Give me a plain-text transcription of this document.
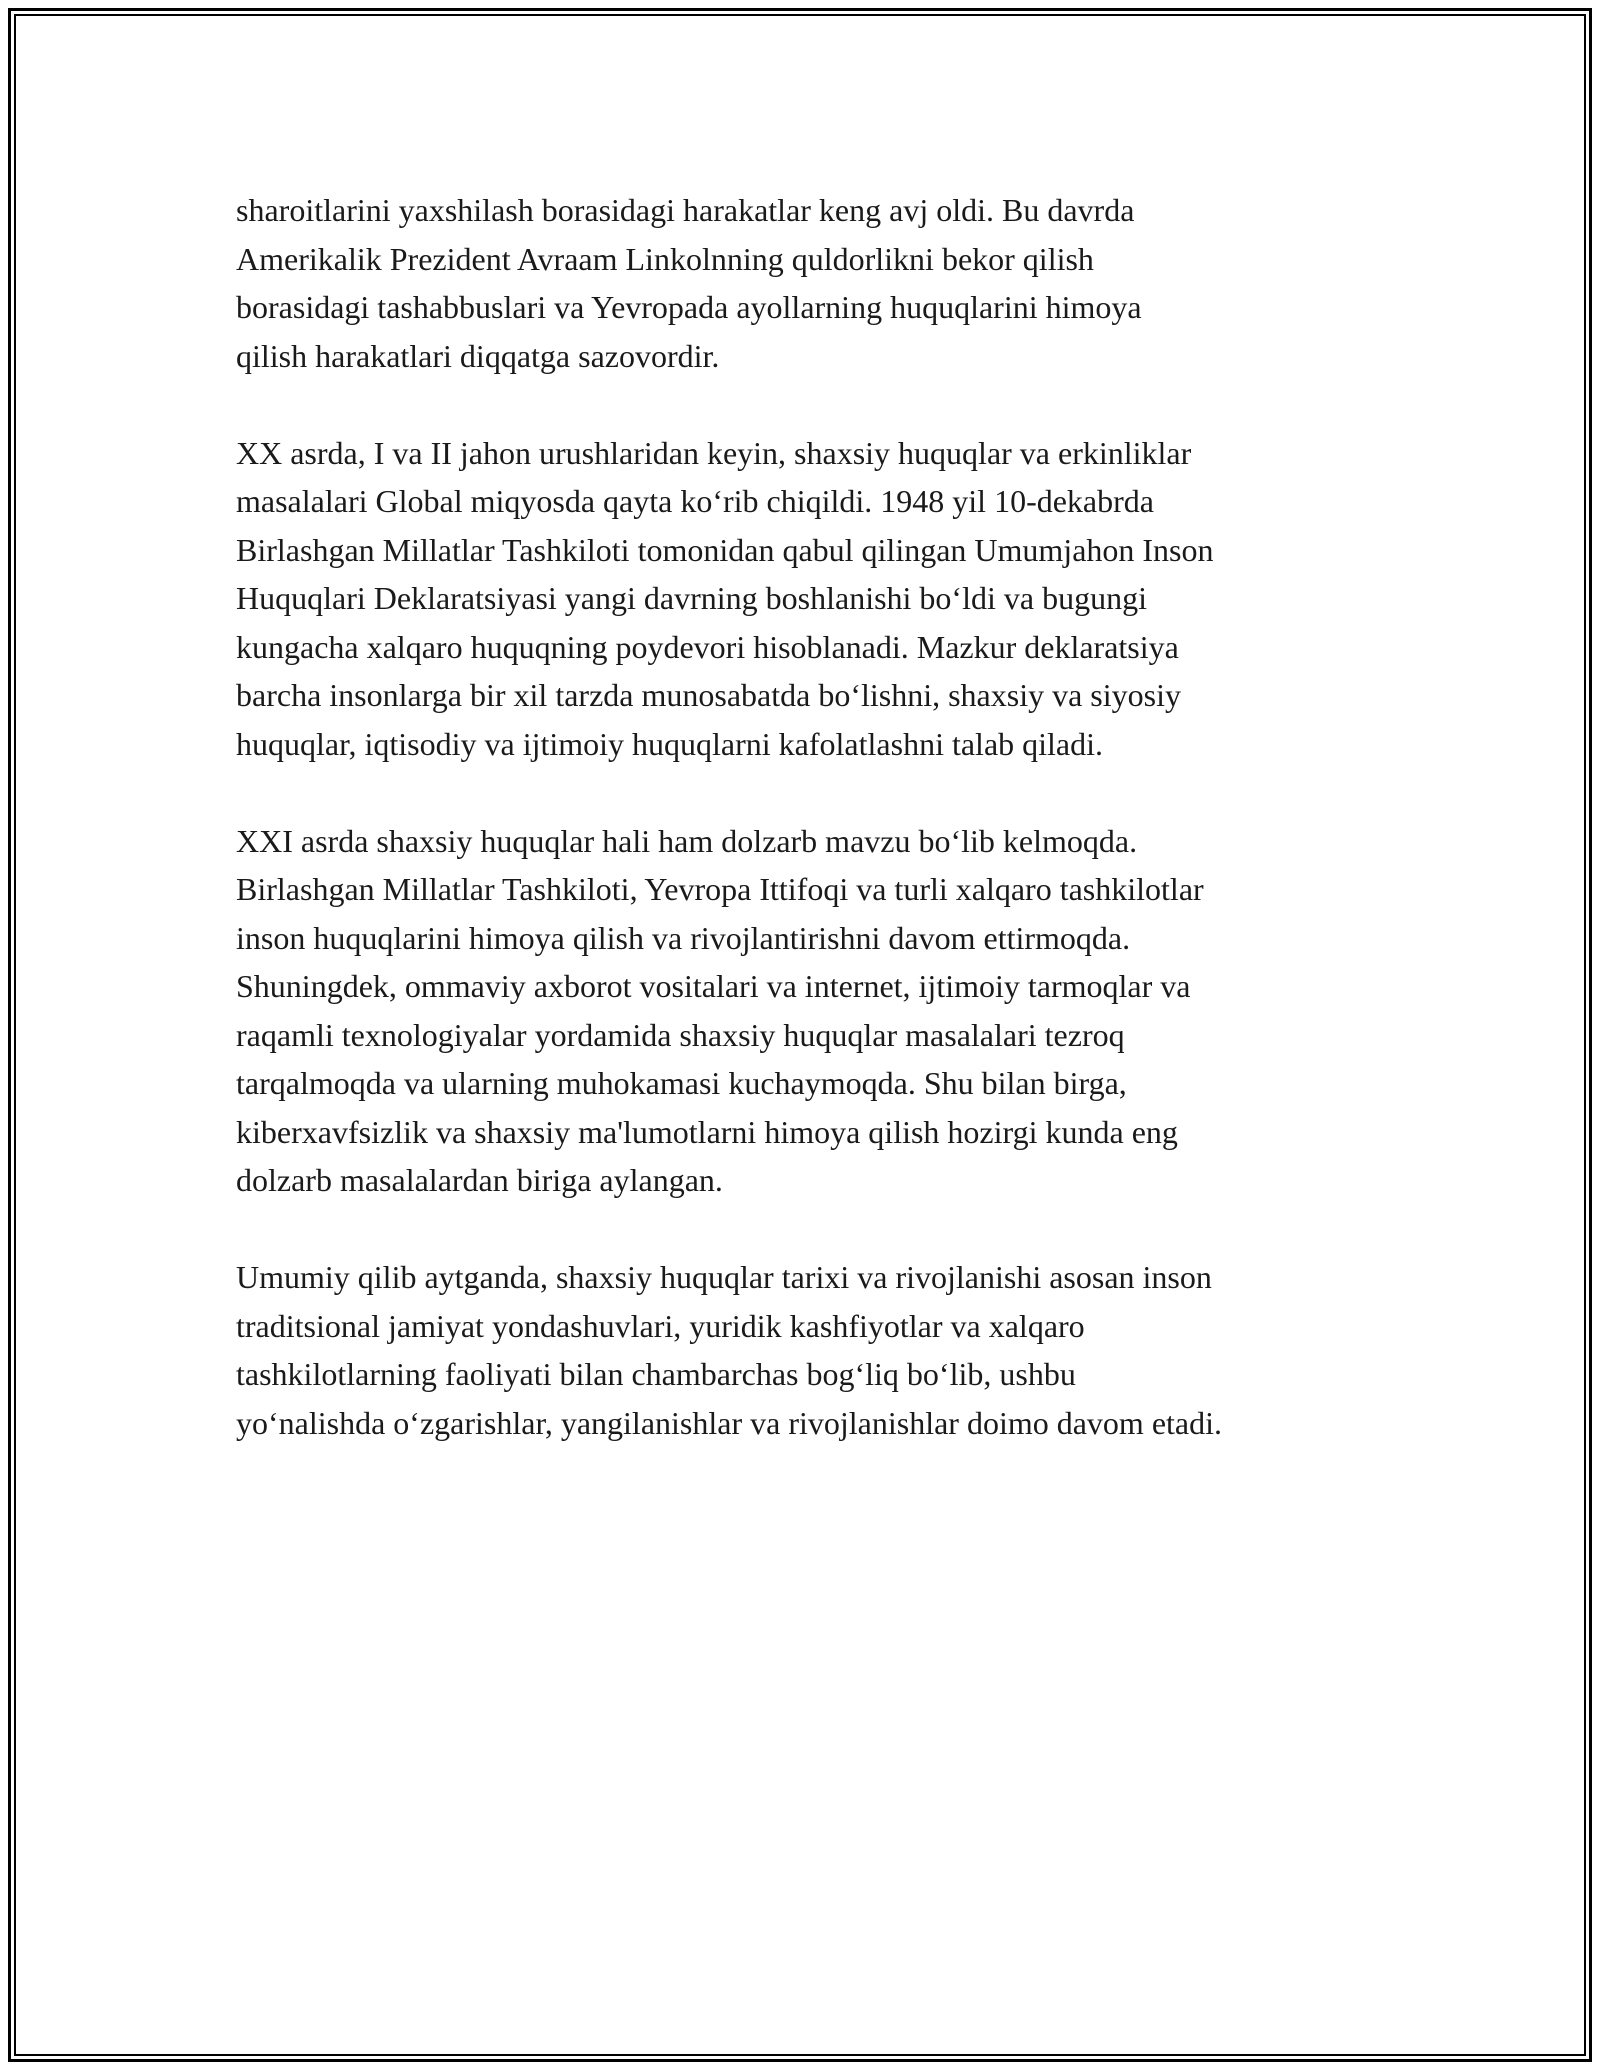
sharoitlarini yaxshilash borasidagi harakatlar keng avj oldi. Bu davrda
Amerikalik Prezident Avraam Linkolnning quldorlikni bekor qilish
borasidagi tashabbuslari va Yevropada ayollarning huquqlarini himoya
qilish harakatlari diqqatga sazovordir.

XX asrda, I va II jahon urushlaridan keyin, shaxsiy huquqlar va erkinliklar
masalalari Global miqyosda qayta ko‘rib chiqildi. 1948 yil 10-dekabrda
Birlashgan Millatlar Tashkiloti tomonidan qabul qilingan Umumjahon Inson
Huquqlari Deklaratsiyasi yangi davrning boshlanishi bo‘ldi va bugungi
kungacha xalqaro huquqning poydevori hisoblanadi. Mazkur deklaratsiya
barcha insonlarga bir xil tarzda munosabatda bo‘lishni, shaxsiy va siyosiy
huquqlar, iqtisodiy va ijtimoiy huquqlarni kafolatlashni talab qiladi.

XXI asrda shaxsiy huquqlar hali ham dolzarb mavzu bo‘lib kelmoqda.
Birlashgan Millatlar Tashkiloti, Yevropa Ittifoqi va turli xalqaro tashkilotlar
inson huquqlarini himoya qilish va rivojlantirishni davom ettirmoqda.
Shuningdek, ommaviy axborot vositalari va internet, ijtimoiy tarmoqlar va
raqamli texnologiyalar yordamida shaxsiy huquqlar masalalari tezroq
tarqalmoqda va ularning muhokamasi kuchaymoqda. Shu bilan birga,
kiberxavfsizlik va shaxsiy ma'lumotlarni himoya qilish hozirgi kunda eng
dolzarb masalalardan biriga aylangan.

Umumiy qilib aytganda, shaxsiy huquqlar tarixi va rivojlanishi asosan inson
traditsional jamiyat yondashuvlari, yuridik kashfiyotlar va xalqaro
tashkilotlarning faoliyati bilan chambarchas bog‘liq bo‘lib, ushbu
yo‘nalishda o‘zgarishlar, yangilanishlar va rivojlanishlar doimo davom etadi.
